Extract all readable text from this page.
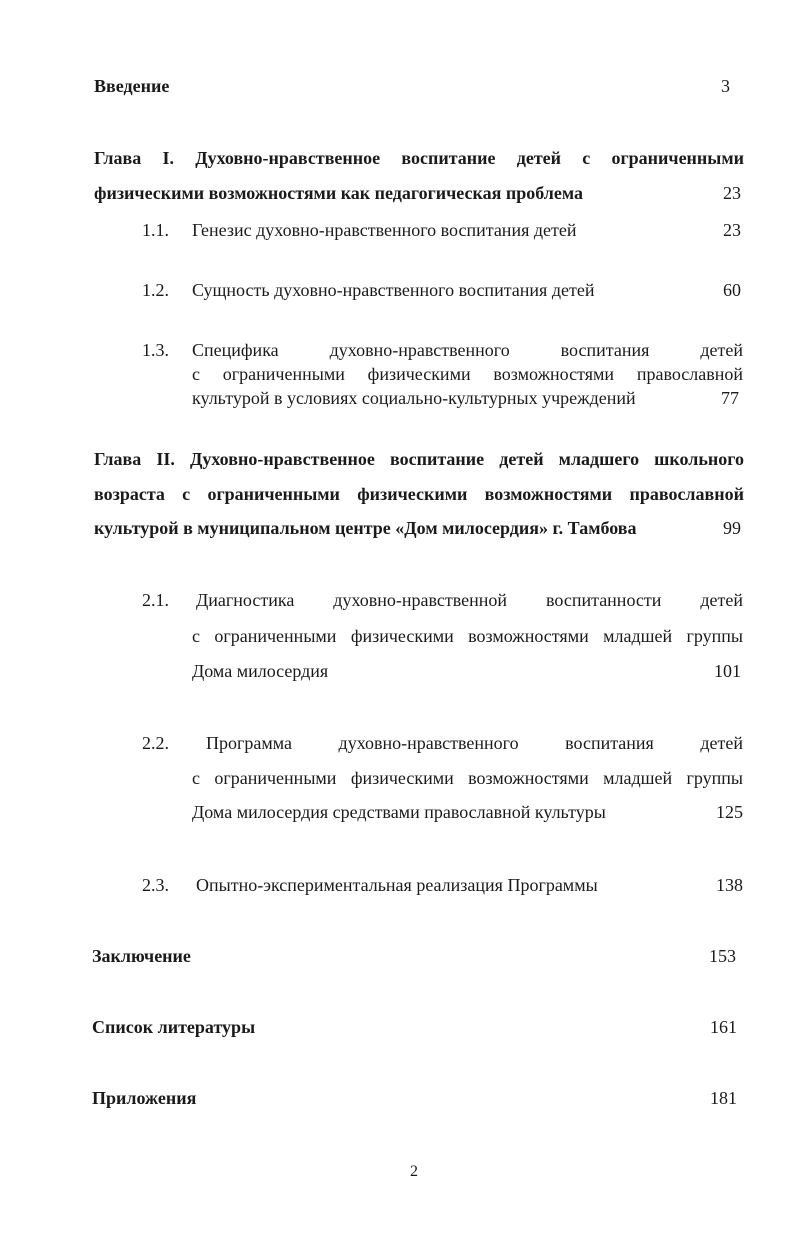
Введение	3
Глава I. Духовно-нравственное воспитание детей с ограниченными
физическими возможностями как педагогическая проблема	23
1.1. Генезис духовно-нравственного воспитания детей	23
1.2. Сущность духовно-нравственного воспитания детей	60
1.3. Специфика духовно-нравственного воспитания детей
с ограниченными физическими возможностями православной
культурой в условиях социально-культурных учреждений	77
Глава II. Духовно-нравственное воспитание детей младшего школьного
возраста с ограниченными физическими возможностями православной
культурой в муниципальном центре «Дом милосердия» г. Тамбова	99
2.1. Диагностика духовно-нравственной воспитанности детей
с ограниченными физическими возможностями младшей группы
Дома милосердия	101
2.2. Программа духовно-нравственного воспитания детей
с ограниченными физическими возможностями младшей группы
Дома милосердия средствами православной культуры	125
2.3. Опытно-экспериментальная реализация Программы	138
Заключение	153
Список литературы	161
Приложения	181
2
